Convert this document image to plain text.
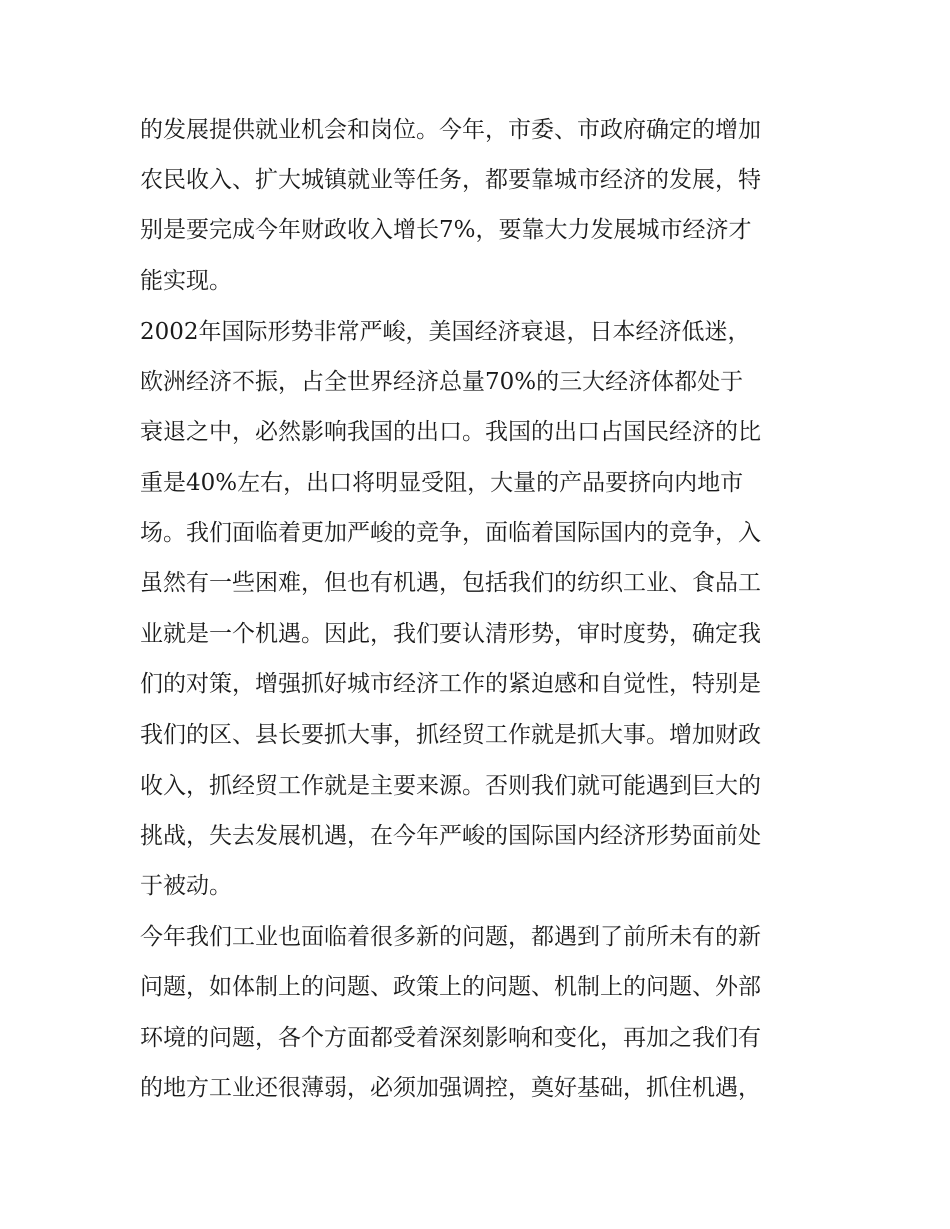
的发展提供就业机会和岗位。今年，市委、市政府确定的增加
农民收入、扩大城镇就业等任务，都要靠城市经济的发展，特
别是要完成今年财政收入增长7%，要靠大力发展城市经济才
能实现。
2002年国际形势非常严峻，美国经济衰退，日本经济低迷，
欧洲经济不振，占全世界经济总量70%的三大经济体都处于
衰退之中，必然影响我国的出口。我国的出口占国民经济的比
重是40%左右，出口将明显受阻，大量的产品要挤向内地市
场。我们面临着更加严峻的竞争，面临着国际国内的竞争，入
虽然有一些困难，但也有机遇，包括我们的纺织工业、食品工
业就是一个机遇。因此，我们要认清形势，审时度势，确定我
们的对策，增强抓好城市经济工作的紧迫感和自觉性，特别是
我们的区、县长要抓大事，抓经贸工作就是抓大事。增加财政
收入，抓经贸工作就是主要来源。否则我们就可能遇到巨大的
挑战，失去发展机遇，在今年严峻的国际国内经济形势面前处
于被动。
今年我们工业也面临着很多新的问题，都遇到了前所未有的新
问题，如体制上的问题、政策上的问题、机制上的问题、外部
环境的问题，各个方面都受着深刻影响和变化，再加之我们有
的地方工业还很薄弱，必须加强调控，奠好基础，抓住机遇，
